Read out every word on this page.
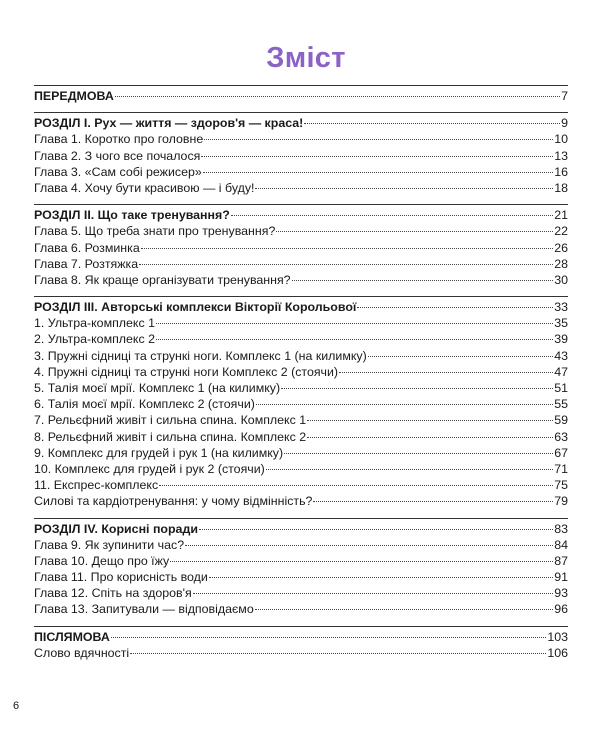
Зміст
ПЕРЕДМОВА	7
РОЗДІЛ I. Рух — життя — здоров'я — краса!	9
Глава 1. Коротко про головне	10
Глава 2. З чого все почалося	13
Глава 3. «Сам собі режисер»	16
Глава 4. Хочу бути красивою — і буду!	18
РОЗДІЛ II. Що таке тренування?	21
Глава 5. Що треба знати про тренування?	22
Глава 6. Розминка	26
Глава 7. Розтяжка	28
Глава 8. Як краще організувати тренування?	30
РОЗДІЛ III. Авторські комплекси Вікторії Корольової	33
1. Ультра-комплекс 1	35
2. Ультра-комплекс 2	39
3. Пружні сідниці та стрункі ноги. Комплекс 1 (на килимку)	43
4. Пружні сідниці та стрункі ноги Комплекс 2 (стоячи)	47
5. Талія моєї мрії. Комплекс 1 (на килимку)	51
6. Талія моєї мрії. Комплекс 2 (стоячи)	55
7. Рельєфний живіт і сильна спина. Комплекс 1	59
8. Рельєфний живіт і сильна спина. Комплекс 2	63
9. Комплекс для грудей і рук 1 (на килимку)	67
10. Комплекс для грудей і рук 2 (стоячи)	71
11. Експрес-комплекс	75
Силові та кардіотренування: у чому відмінність?	79
РОЗДІЛ IV. Корисні поради	83
Глава 9. Як зупинити час?	84
Глава 10. Дещо про їжу	87
Глава 11. Про корисність води	91
Глава 12. Спіть на здоров'я	93
Глава 13. Запитували — відповідаємо	96
ПІСЛЯМОВА	103
Слово вдячності	106
6
